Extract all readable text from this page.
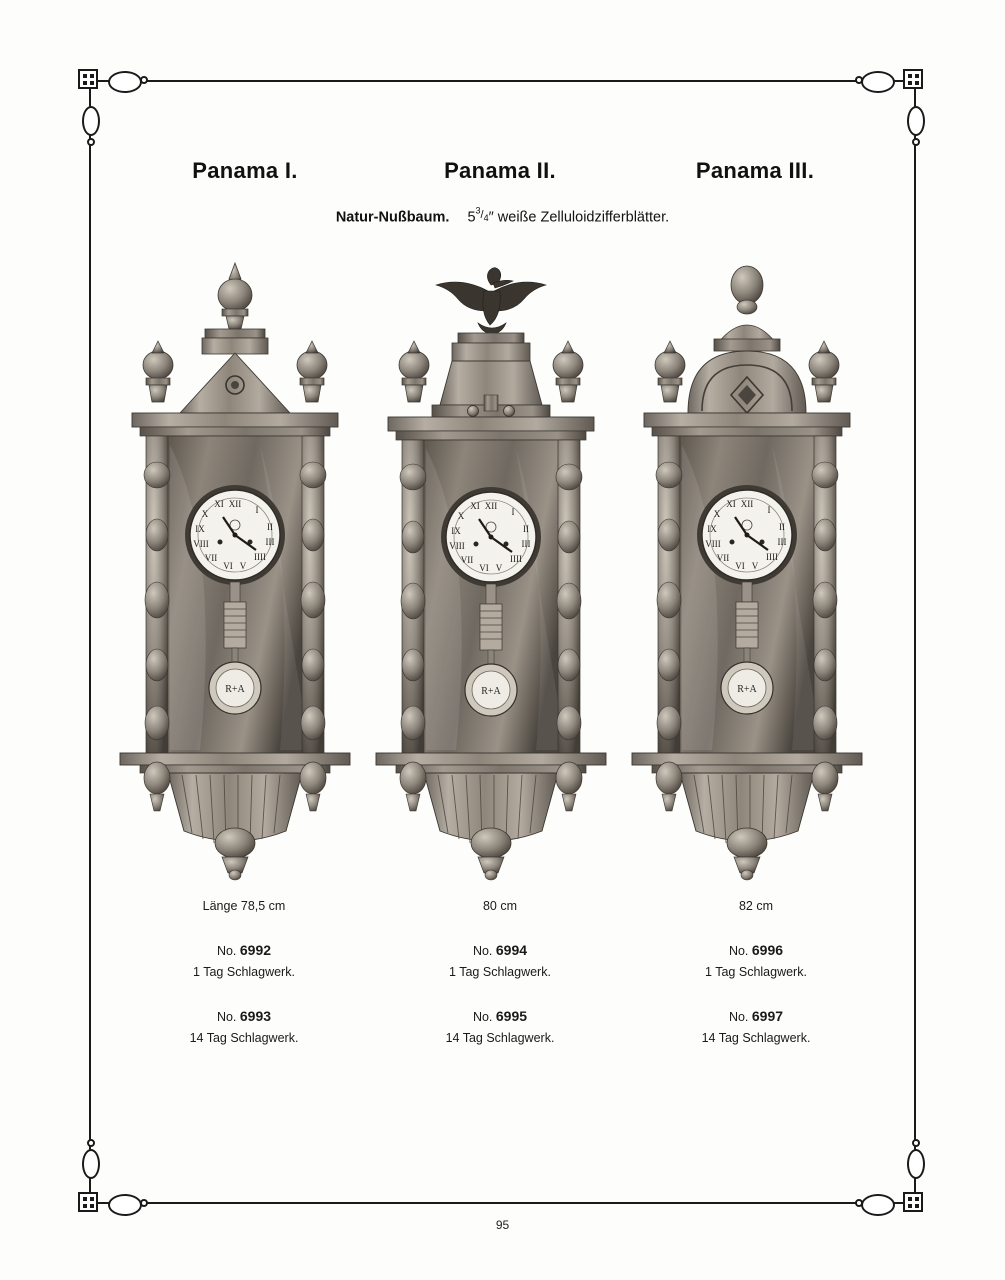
Panama I.	Panama II.	Panama III.
Natur-Nußbaum. $5^{^3/_4}''$ weiße Zelluloidzifferblätter.
XII
I
II
III
IIII
V
VI
VII
VIII
IX
X
XI
R+A
XII
I
II
III
IIII
V
VI
VII
VIII
IX
X
XI
R+A
XII
I
II
III
IIII
V
VI
VII
VIII
IX
X
XI
R+A
Länge 78,5 cm
No. 6992
1 Tag Schlagwerk.
No. 6993
14 Tag Schlagwerk.
80 cm
No. 6994
1 Tag Schlagwerk.
No. 6995
14 Tag Schlagwerk.
82 cm
No. 6996
1 Tag Schlagwerk.
No. 6997
14 Tag Schlagwerk.
95
